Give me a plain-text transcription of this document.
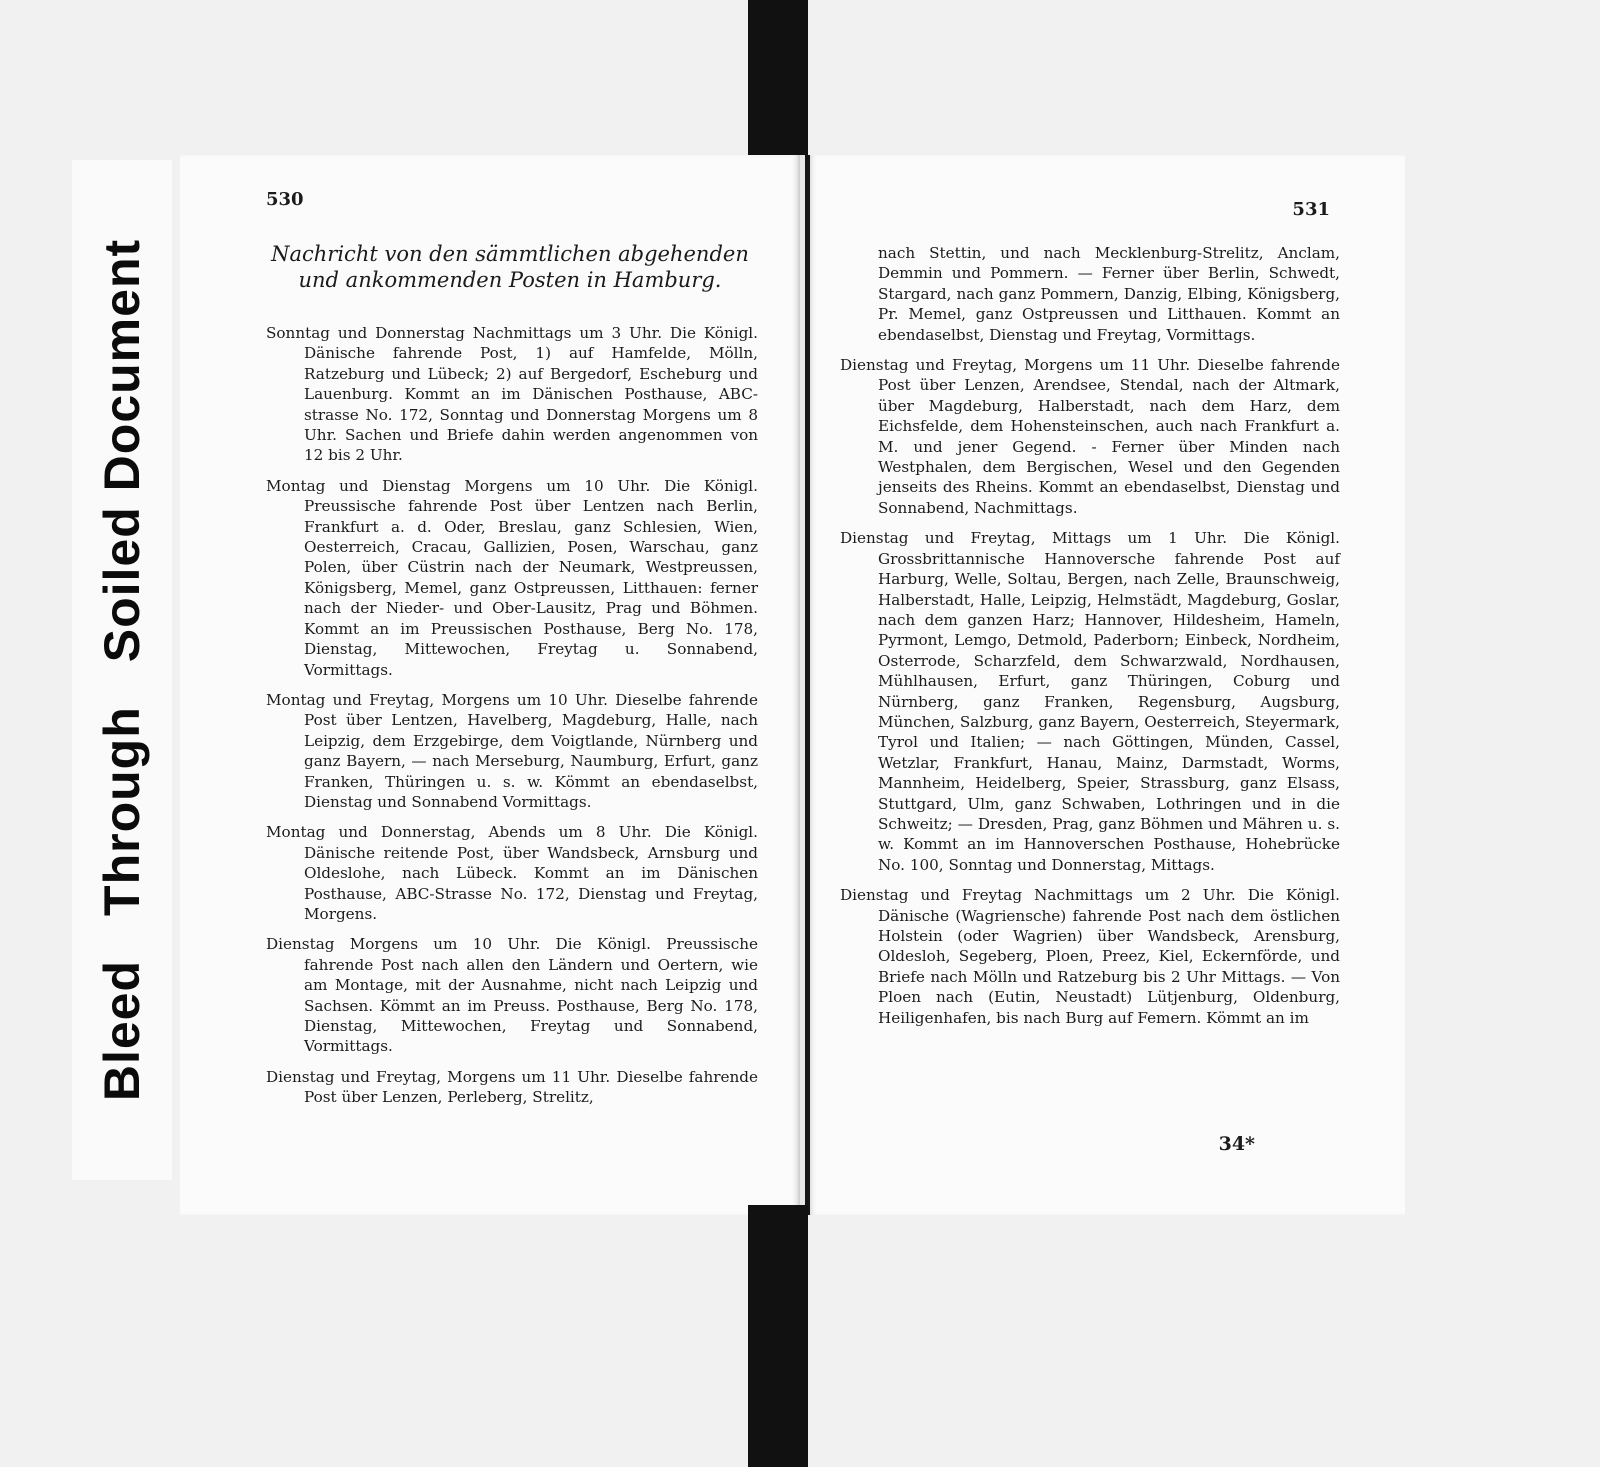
BleedThroughSoiled Document
530
Nachricht von den sämmtlichen abgehenden
und ankommenden Posten in Hamburg.

Sonntag und Donnerstag Nachmittags um 3 Uhr. Die Königl. Dänische fahrende Post, 1) auf Hamfelde, Mölln, Ratzeburg und Lübeck; 2) auf Bergedorf, Escheburg und Lauenburg. Kommt an im Dänischen Posthause, ABC-strasse No. 172, Sonntag und Donnerstag Morgens um 8 Uhr. Sachen und Briefe dahin werden angenommen von 12 bis 2 Uhr.

Montag und Dienstag Morgens um 10 Uhr. Die Königl. Preussische fahrende Post über Lentzen nach Berlin, Frankfurt a. d. Oder, Breslau, ganz Schlesien, Wien, Oesterreich, Cracau, Gallizien, Posen, Warschau, ganz Polen, über Cüstrin nach der Neumark, Westpreussen, Königsberg, Memel, ganz Ostpreussen, Litthauen: ferner nach der Nieder- und Ober-Lausitz, Prag und Böhmen. Kommt an im Preussischen Posthause, Berg No. 178, Dienstag, Mittewochen, Freytag u. Sonnabend, Vormittags.

Montag und Freytag, Morgens um 10 Uhr. Dieselbe fahrende Post über Lentzen, Havelberg, Magdeburg, Halle, nach Leipzig, dem Erzgebirge, dem Voigtlande, Nürnberg und ganz Bayern, — nach Merseburg, Naumburg, Erfurt, ganz Franken, Thüringen u. s. w. Kömmt an ebendaselbst, Dienstag und Sonnabend Vormittags.

Montag und Donnerstag, Abends um 8 Uhr. Die Königl. Dänische reitende Post, über Wandsbeck, Arnsburg und Oldeslohe, nach Lübeck. Kommt an im Dänischen Posthause, ABC-Strasse No. 172, Dienstag und Freytag, Morgens.

Dienstag Morgens um 10 Uhr. Die Königl. Preussische fahrende Post nach allen den Ländern und Oertern, wie am Montage, mit der Ausnahme, nicht nach Leipzig und Sachsen. Kömmt an im Preuss. Posthause, Berg No. 178, Dienstag, Mittewochen, Freytag und Sonnabend, Vormittags.

Dienstag und Freytag, Morgens um 11 Uhr. Dieselbe fahrende Post über Lenzen, Perleberg, Strelitz,

531

nach Stettin, und nach Mecklenburg-Strelitz, Anclam, Demmin und Pommern. — Ferner über Berlin, Schwedt, Stargard, nach ganz Pommern, Danzig, Elbing, Königsberg, Pr. Memel, ganz Ostpreussen und Litthauen. Kommt an ebendaselbst, Dienstag und Freytag, Vormittags.

Dienstag und Freytag, Morgens um 11 Uhr. Dieselbe fahrende Post über Lenzen, Arendsee, Stendal, nach der Altmark, über Magdeburg, Halberstadt, nach dem Harz, dem Eichsfelde, dem Hohensteinschen, auch nach Frankfurt a. M. und jener Gegend. - Ferner über Minden nach Westphalen, dem Bergischen, Wesel und den Gegenden jenseits des Rheins. Kommt an ebendaselbst, Dienstag und Sonnabend, Nachmittags.

Dienstag und Freytag, Mittags um 1 Uhr. Die Königl. Grossbrittannische Hannoversche fahrende Post auf Harburg, Welle, Soltau, Bergen, nach Zelle, Braunschweig, Halberstadt, Halle, Leipzig, Helmstädt, Magdeburg, Goslar, nach dem ganzen Harz; Hannover, Hildesheim, Hameln, Pyrmont, Lemgo, Detmold, Paderborn; Einbeck, Nordheim, Osterrode, Scharzfeld, dem Schwarzwald, Nordhausen, Mühlhausen, Erfurt, ganz Thüringen, Coburg und Nürnberg, ganz Franken, Regensburg, Augsburg, München, Salzburg, ganz Bayern, Oesterreich, Steyermark, Tyrol und Italien; — nach Göttingen, Münden, Cassel, Wetzlar, Frankfurt, Hanau, Mainz, Darmstadt, Worms, Mannheim, Heidelberg, Speier, Strassburg, ganz Elsass, Stuttgard, Ulm, ganz Schwaben, Lothringen und in die Schweitz; — Dresden, Prag, ganz Böhmen und Mähren u. s. w. Kommt an im Hannoverschen Posthause, Hohebrücke No. 100, Sonntag und Donnerstag, Mittags.

Dienstag und Freytag Nachmittags um 2 Uhr. Die Königl. Dänische (Wagriensche) fahrende Post nach dem östlichen Holstein (oder Wagrien) über Wandsbeck, Arensburg, Oldesloh, Segeberg, Ploen, Preez, Kiel, Eckernförde, und Briefe nach Mölln und Ratzeburg bis 2 Uhr Mittags. — Von Ploen nach (Eutin, Neustadt) Lütjenburg, Oldenburg, Heiligenhafen, bis nach Burg auf Femern. Kömmt an im

34*
